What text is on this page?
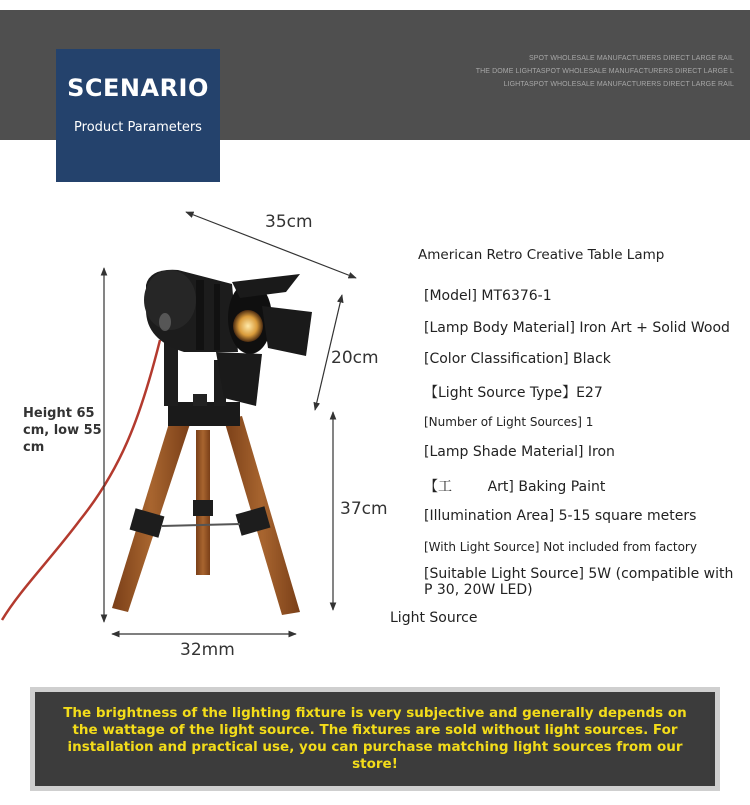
SPOT WHOLESALE MANUFACTURERS DIRECT LARGE RAIL
THE DOME LIGHTASPOT WHOLESALE MANUFACTURERS DIRECT LARGE L
LIGHTASPOT WHOLESALE MANUFACTURERS DIRECT LARGE RAIL
SCENARIO
Product Parameters
35cm
20cm
37cm
32mm
Height 65 cm, low 55 cm
American Retro Creative Table Lamp
[Model] MT6376-1
[Lamp Body Material] Iron Art + Solid Wood
[Color Classification] Black
【Light Source Type】E27
[Number of Light Sources] 1
[Lamp Shade Material] Iron
【工        Art] Baking Paint
[Illumination Area] 5-15 square meters
[With Light Source] Not included from factory
[Suitable Light Source] 5W (compatible with P 30, 20W LED)
Light Source
The brightness of the lighting fixture is very subjective and generally depends on the wattage of the light source. The fixtures are sold without light sources. For installation and practical use, you can purchase matching light sources from our store!
